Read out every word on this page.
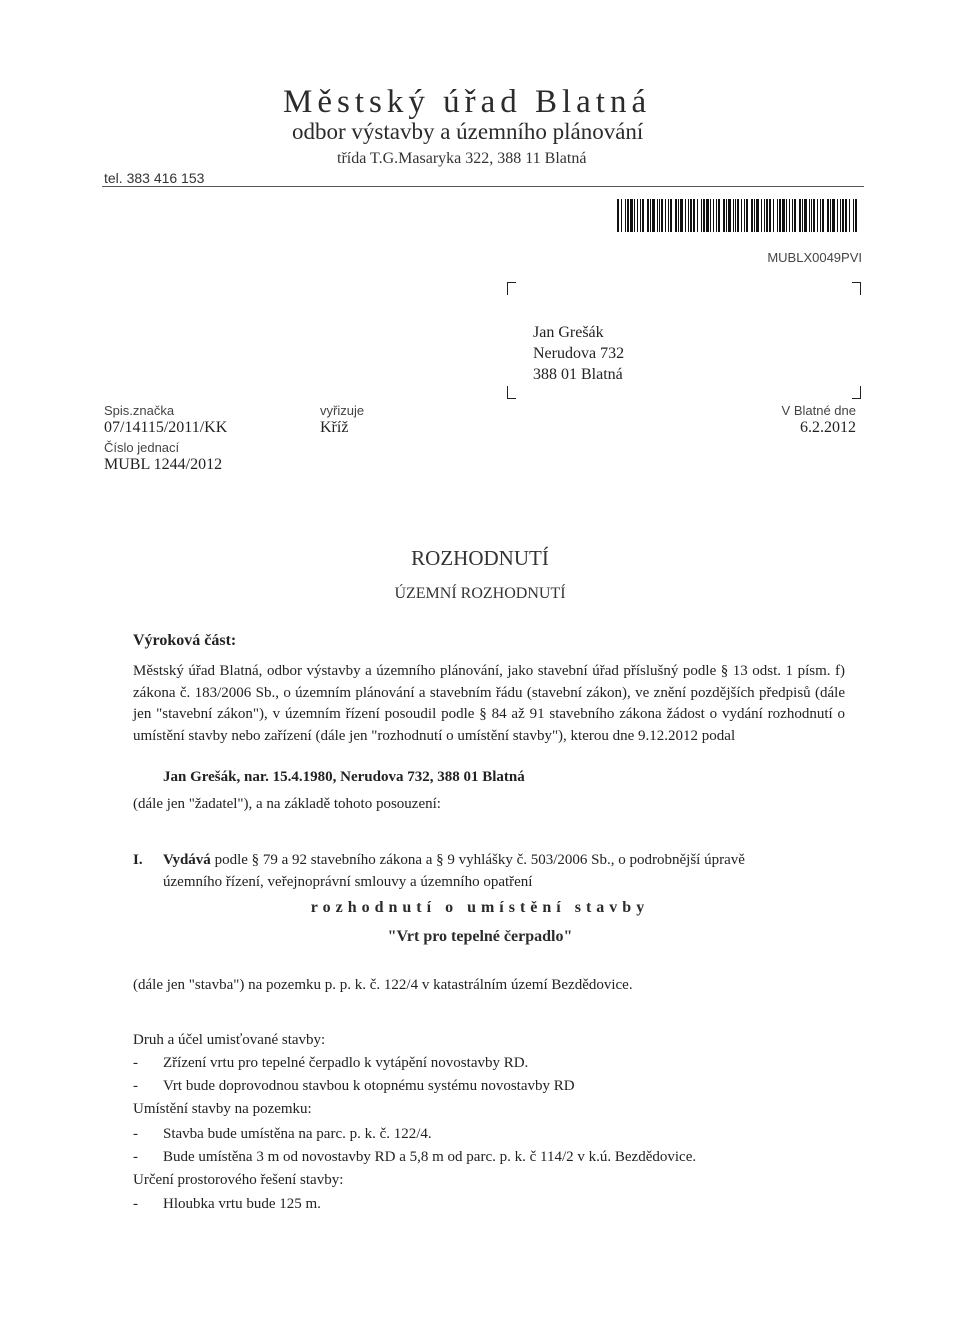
Městský úřad Blatná
odbor výstavby a územního plánování
třída T.G.Masaryka 322, 388 11 Blatná
tel. 383 416 153
MUBLX0049PVI
Jan Grešák
Nerudova 732
388 01 Blatná
Spis.značka
07/14115/2011/KK
Číslo jednací
MUBL 1244/2012
vyřizuje
Kříž
V Blatné dne
6.2.2012
ROZHODNUTÍ
ÚZEMNÍ ROZHODNUTÍ
Výroková část:
Městský úřad Blatná, odbor výstavby a územního plánování, jako stavební úřad příslušný podle § 13 odst. 1 písm. f) zákona č. 183/2006 Sb., o územním plánování a stavebním řádu (stavební zákon), ve znění pozdějších předpisů (dále jen "stavební zákon"), v územním řízení posoudil podle § 84 až 91 stavebního zákona žádost o vydání rozhodnutí o umístění stavby nebo zařízení (dále jen "rozhodnutí o umístění stavby"), kterou dne 9.12.2012 podal
Jan Grešák, nar. 15.4.1980, Nerudova 732, 388 01 Blatná
(dále jen "žadatel"), a na základě tohoto posouzení:
I. Vydává podle § 79 a 92 stavebního zákona a § 9 vyhlášky č. 503/2006 Sb., o podrobnější úpravě
územního řízení, veřejnoprávní smlouvy a územního opatření
rozhodnutí o umístění stavby
"Vrt pro tepelné čerpadlo"
(dále jen "stavba") na pozemku p. p. k. č. 122/4 v katastrálním území Bezdědovice.
Druh a účel umisťované stavby:
- Zřízení vrtu pro tepelné čerpadlo k vytápění novostavby RD.
- Vrt bude doprovodnou stavbou k otopnému systému novostavby RD
Umístění stavby na pozemku:
- Stavba bude umístěna na parc. p. k. č. 122/4.
- Bude umístěna 3 m od novostavby RD a 5,8 m od parc. p. k. č 114/2 v k.ú. Bezdědovice.
Určení prostorového řešení stavby:
- Hloubka vrtu bude 125 m.
